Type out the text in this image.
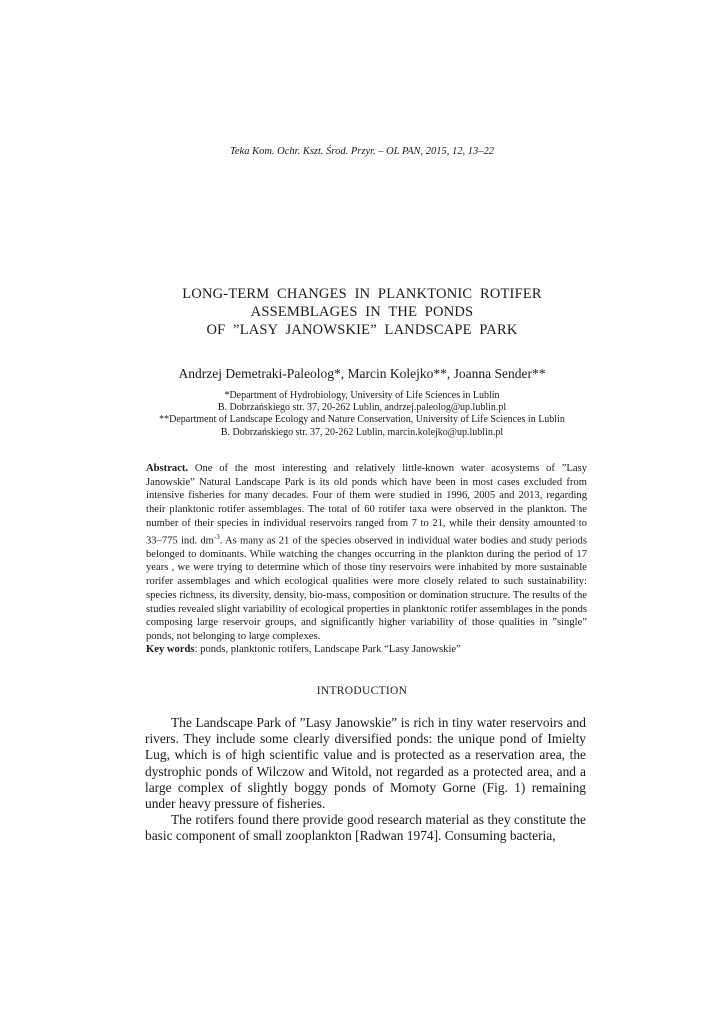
Teka Kom. Ochr. Kszt. Środ. Przyr. – OL PAN, 2015, 12, 13–22
LONG-TERM  CHANGES  IN  PLANKTONIC  ROTIFER
ASSEMBLAGES  IN  THE  PONDS
OF  ”LASY  JANOWSKIE”  LANDSCAPE  PARK
Andrzej Demetraki-Paleolog*, Marcin Kolejko**, Joanna Sender**
*Department of Hydrobiology, University of Life Sciences in Lublin
B. Dobrzańskiego str. 37, 20-262 Lublin, andrzej.paleolog@up.lublin.pl
**Department of Landscape Ecology and Nature Conservation, University of Life Sciences in Lublin
B. Dobrzańskiego str. 37, 20-262 Lublin, marcin.kolejko@up.lublin.pl
Abstract. One of the most interesting and relatively little-known water acosystems of ”Lasy Janowskie” Natural Landscape Park is its old ponds which have been in most cases excluded from intensive fisheries for many decades. Four of them were studied in 1996, 2005 and 2013, regarding their planktonic rotifer assemblages. The total of 60 rotifer taxa were observed in the plankton. The number of their species in individual reservoirs ranged from 7 to 21, while their density amounted to 33–775 ind. $dm^{-3}$. As many as 21 of the species observed in individual water bodies and study periods belonged to dominants. While watching the changes occurring in the plankton during the period of 17 years , we were trying to determine which of those tiny reservoirs were inhabited by more sustainable rorifer assemblages and which ecological qualities were more closely related to such sustainability: species richness, its diversity, density, bio-mass, composition or domination structure. The results of the studies revealed slight variability of ecological properties in planktonic rotifer assemblages in the ponds composing large reservoir groups, and significantly higher variability of those qualities in ”single” ponds, not belonging to large complexes.
Key words: ponds, planktonic rotifers, Landscape Park “Lasy Janowskie”
INTRODUCTION

The Landscape Park of ”Lasy Janowskie” is rich in tiny water reservoirs and rivers. They include some clearly diversified ponds: the unique pond of Imielty Lug, which is of high scientific value and is protected as a reservation area, the dystrophic ponds of Wilczow and Witold, not regarded as a protected area, and a large complex of slightly boggy ponds of Momoty Gorne (Fig. 1) remaining under heavy pressure of fisheries.

The rotifers found there provide good research material as they constitute the basic component of small zooplankton [Radwan 1974]. Consuming bacteria,
